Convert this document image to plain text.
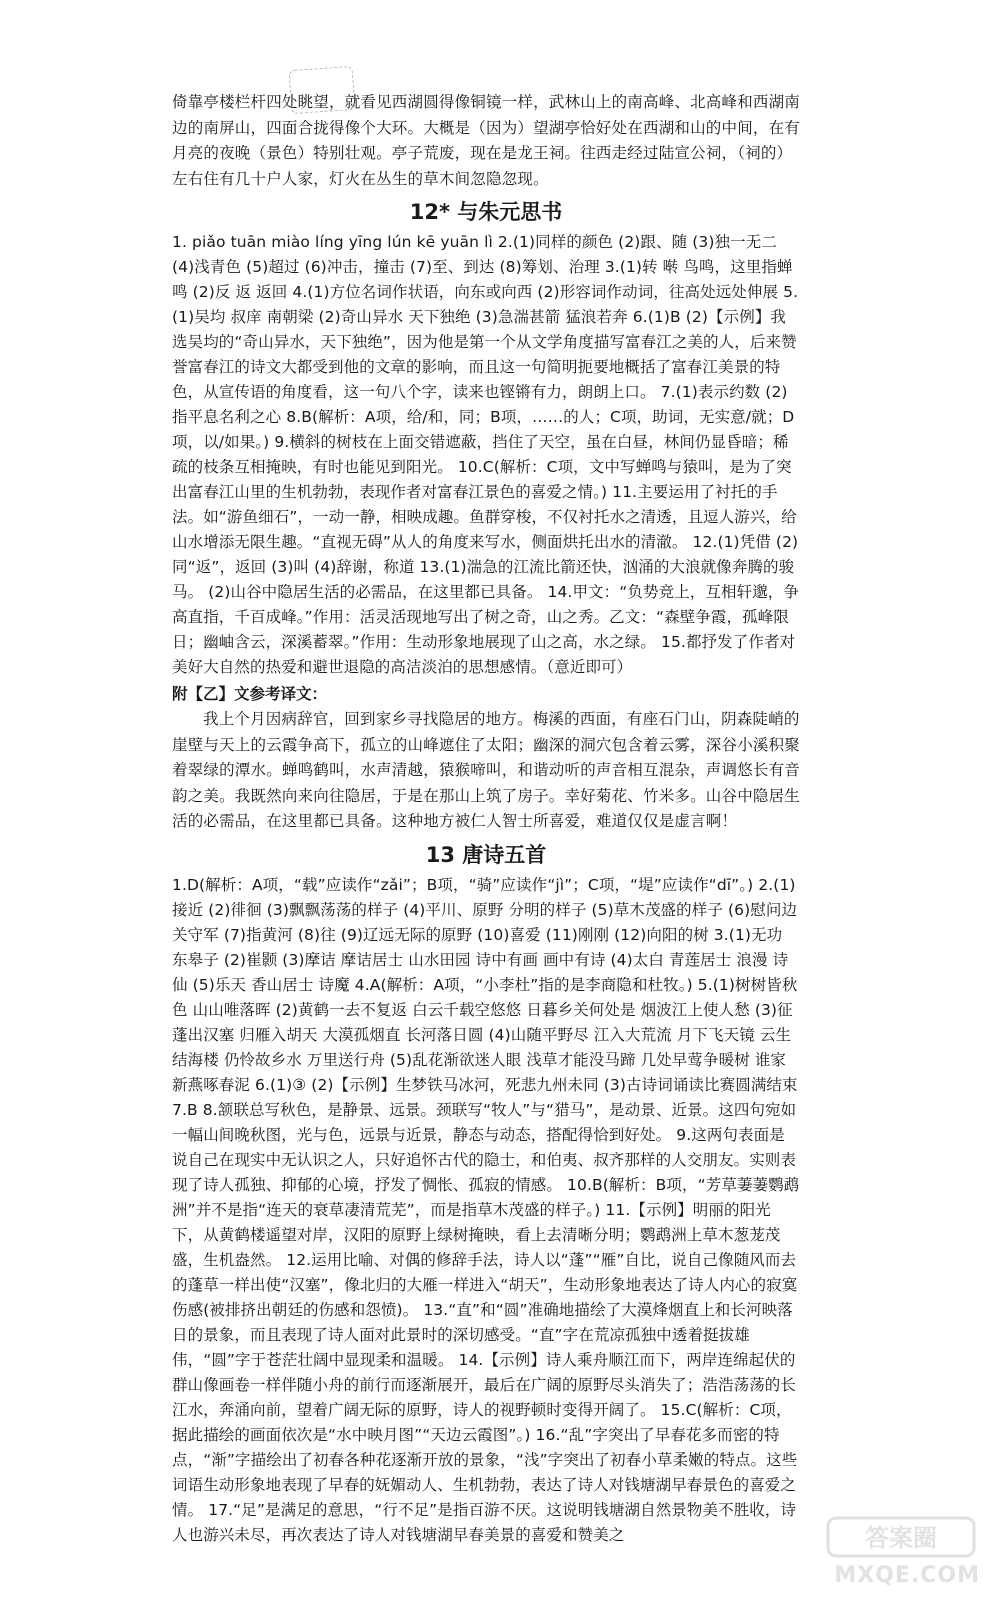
倚靠亭楼栏杆四处眺望，就看见西湖圆得像铜镜一样，武林山上的南高峰、北高峰和西湖南边的南屏山，四面合拢得像个大环。大概是（因为）望湖亭恰好处在西湖和山的中间，在有月亮的夜晚（景色）特别壮观。亭子荒废，现在是龙王祠。往西走经过陆宣公祠，（祠的）左右住有几十户人家，灯火在丛生的草木间忽隐忽现。

12* 与朱元思书

1. piǎo tuān miào líng yīng lún kē yuān lì 2.(1)同样的颜色 (2)跟、随 (3)独一无二 (4)浅青色 (5)超过 (6)冲击，撞击 (7)至、到达 (8)筹划、治理 3.(1)转 啭 鸟鸣，这里指蝉鸣 (2)反 返 返回 4.(1)方位名词作状语，向东或向西 (2)形容词作动词，往高处远处伸展 5.(1)吴均 叔庠 南朝梁 (2)奇山异水 天下独绝 (3)急湍甚箭 猛浪若奔 6.(1)B (2)【示例】我选吴均的“奇山异水，天下独绝”，因为他是第一个从文学角度描写富春江之美的人，后来赞誉富春江的诗文大都受到他的文章的影响，而且这一句简明扼要地概括了富春江美景的特色，从宣传语的角度看，这一句八个字，读来也铿锵有力，朗朗上口。 7.(1)表示约数 (2)指平息名利之心 8.B(解析：A项，给/和，同；B项，……的人；C项，助词，无实意/就；D项，以/如果。) 9.横斜的树枝在上面交错遮蔽，挡住了天空，虽在白昼，林间仍显昏暗；稀疏的枝条互相掩映，有时也能见到阳光。 10.C(解析：C项，文中写蝉鸣与猿叫，是为了突出富春江山里的生机勃勃，表现作者对富春江景色的喜爱之情。) 11.主要运用了衬托的手法。如“游鱼细石”，一动一静，相映成趣。鱼群穿梭，不仅衬托水之清透，且逗人游兴，给山水增添无限生趣。“直视无碍”从人的角度来写水，侧面烘托出水的清澈。 12.(1)凭借 (2)同“返”，返回 (3)叫 (4)辞谢，称道 13.(1)湍急的江流比箭还快，汹涌的大浪就像奔腾的骏马。 (2)山谷中隐居生活的必需品，在这里都已具备。 14.甲文：“负势竞上，互相轩邈，争高直指，千百成峰。”作用：活灵活现地写出了树之奇，山之秀。乙文：“森壁争霞，孤峰限日；幽岫含云，深溪蓄翠。”作用：生动形象地展现了山之高，水之绿。 15.都抒发了作者对美好大自然的热爱和避世退隐的高洁淡泊的思想感情。（意近即可）

附【乙】文参考译文：

我上个月因病辞官，回到家乡寻找隐居的地方。梅溪的西面，有座石门山，阴森陡峭的崖壁与天上的云霞争高下，孤立的山峰遮住了太阳；幽深的洞穴包含着云雾，深谷小溪积聚着翠绿的潭水。蝉鸣鹤叫，水声清越，猿猴啼叫，和谐动听的声音相互混杂，声调悠长有音韵之美。我既然向来向往隐居，于是在那山上筑了房子。幸好菊花、竹米多。山谷中隐居生活的必需品，在这里都已具备。这种地方被仁人智士所喜爱，难道仅仅是虚言啊！

13 唐诗五首

1.D(解析：A项，“载”应读作“zǎi”；B项，“骑”应读作“jì”；C项，“堤”应读作“dī”。) 2.(1)接近 (2)徘徊 (3)飘飘荡荡的样子 (4)平川、原野 分明的样子 (5)草木茂盛的样子 (6)慰问边关守军 (7)指黄河 (8)往 (9)辽远无际的原野 (10)喜爱 (11)刚刚 (12)向阳的树 3.(1)无功 东皋子 (2)崔颢 (3)摩诘 摩诘居士 山水田园 诗中有画 画中有诗 (4)太白 青莲居士 浪漫 诗仙 (5)乐天 香山居士 诗魔 4.A(解析：A项，“小李杜”指的是李商隐和杜牧。) 5.(1)树树皆秋色 山山唯落晖 (2)黄鹤一去不复返 白云千载空悠悠 日暮乡关何处是 烟波江上使人愁 (3)征蓬出汉塞 归雁入胡天 大漠孤烟直 长河落日圆 (4)山随平野尽 江入大荒流 月下飞天镜 云生结海楼 仍怜故乡水 万里送行舟 (5)乱花渐欲迷人眼 浅草才能没马蹄 几处早莺争暖树 谁家新燕啄春泥 6.(1)③ (2)【示例】生梦铁马冰河，死悲九州未同 (3)古诗词诵读比赛圆满结束 7.B 8.颔联总写秋色，是静景、远景。颈联写“牧人”与“猎马”，是动景、近景。这四句宛如一幅山间晚秋图，光与色，远景与近景，静态与动态，搭配得恰到好处。 9.这两句表面是说自己在现实中无认识之人，只好追怀古代的隐士，和伯夷、叔齐那样的人交朋友。实则表现了诗人孤独、抑郁的心境，抒发了惆怅、孤寂的情感。 10.B(解析：B项，“芳草萋萋鹦鹉洲”并不是指“连天的衰草凄清荒芜”，而是指草木茂盛的样子。) 11.【示例】明丽的阳光下，从黄鹤楼遥望对岸，汉阳的原野上绿树掩映，看上去清晰分明；鹦鹉洲上草木葱茏茂盛，生机盎然。 12.运用比喻、对偶的修辞手法，诗人以“蓬”“雁”自比，说自己像随风而去的蓬草一样出使“汉塞”，像北归的大雁一样进入“胡天”，生动形象地表达了诗人内心的寂寞伤感(被排挤出朝廷的伤感和怨愤)。 13.“直”和“圆”准确地描绘了大漠烽烟直上和长河映落日的景象，而且表现了诗人面对此景时的深切感受。“直”字在荒凉孤独中透着挺拔雄伟，“圆”字于苍茫壮阔中显现柔和温暖。 14.【示例】诗人乘舟顺江而下，两岸连绵起伏的群山像画卷一样伴随小舟的前行而逐渐展开，最后在广阔的原野尽头消失了；浩浩荡荡的长江水，奔涌向前，望着广阔无际的原野，诗人的视野顿时变得开阔了。 15.C(解析：C项，据此描绘的画面依次是“水中映月图”“天边云霞图”。) 16.“乱”字突出了早春花多而密的特点，“渐”字描绘出了初春各种花逐渐开放的景象，“浅”字突出了初春小草柔嫩的特点。这些词语生动形象地表现了早春的妩媚动人、生机勃勃，表达了诗人对钱塘湖早春景色的喜爱之情。 17.“足”是满足的意思，“行不足”是指百游不厌。这说明钱塘湖自然景物美不胜收，诗人也游兴未尽，再次表达了诗人对钱塘湖早春美景的喜爱和赞美之	答案圈
MXQE.COM
